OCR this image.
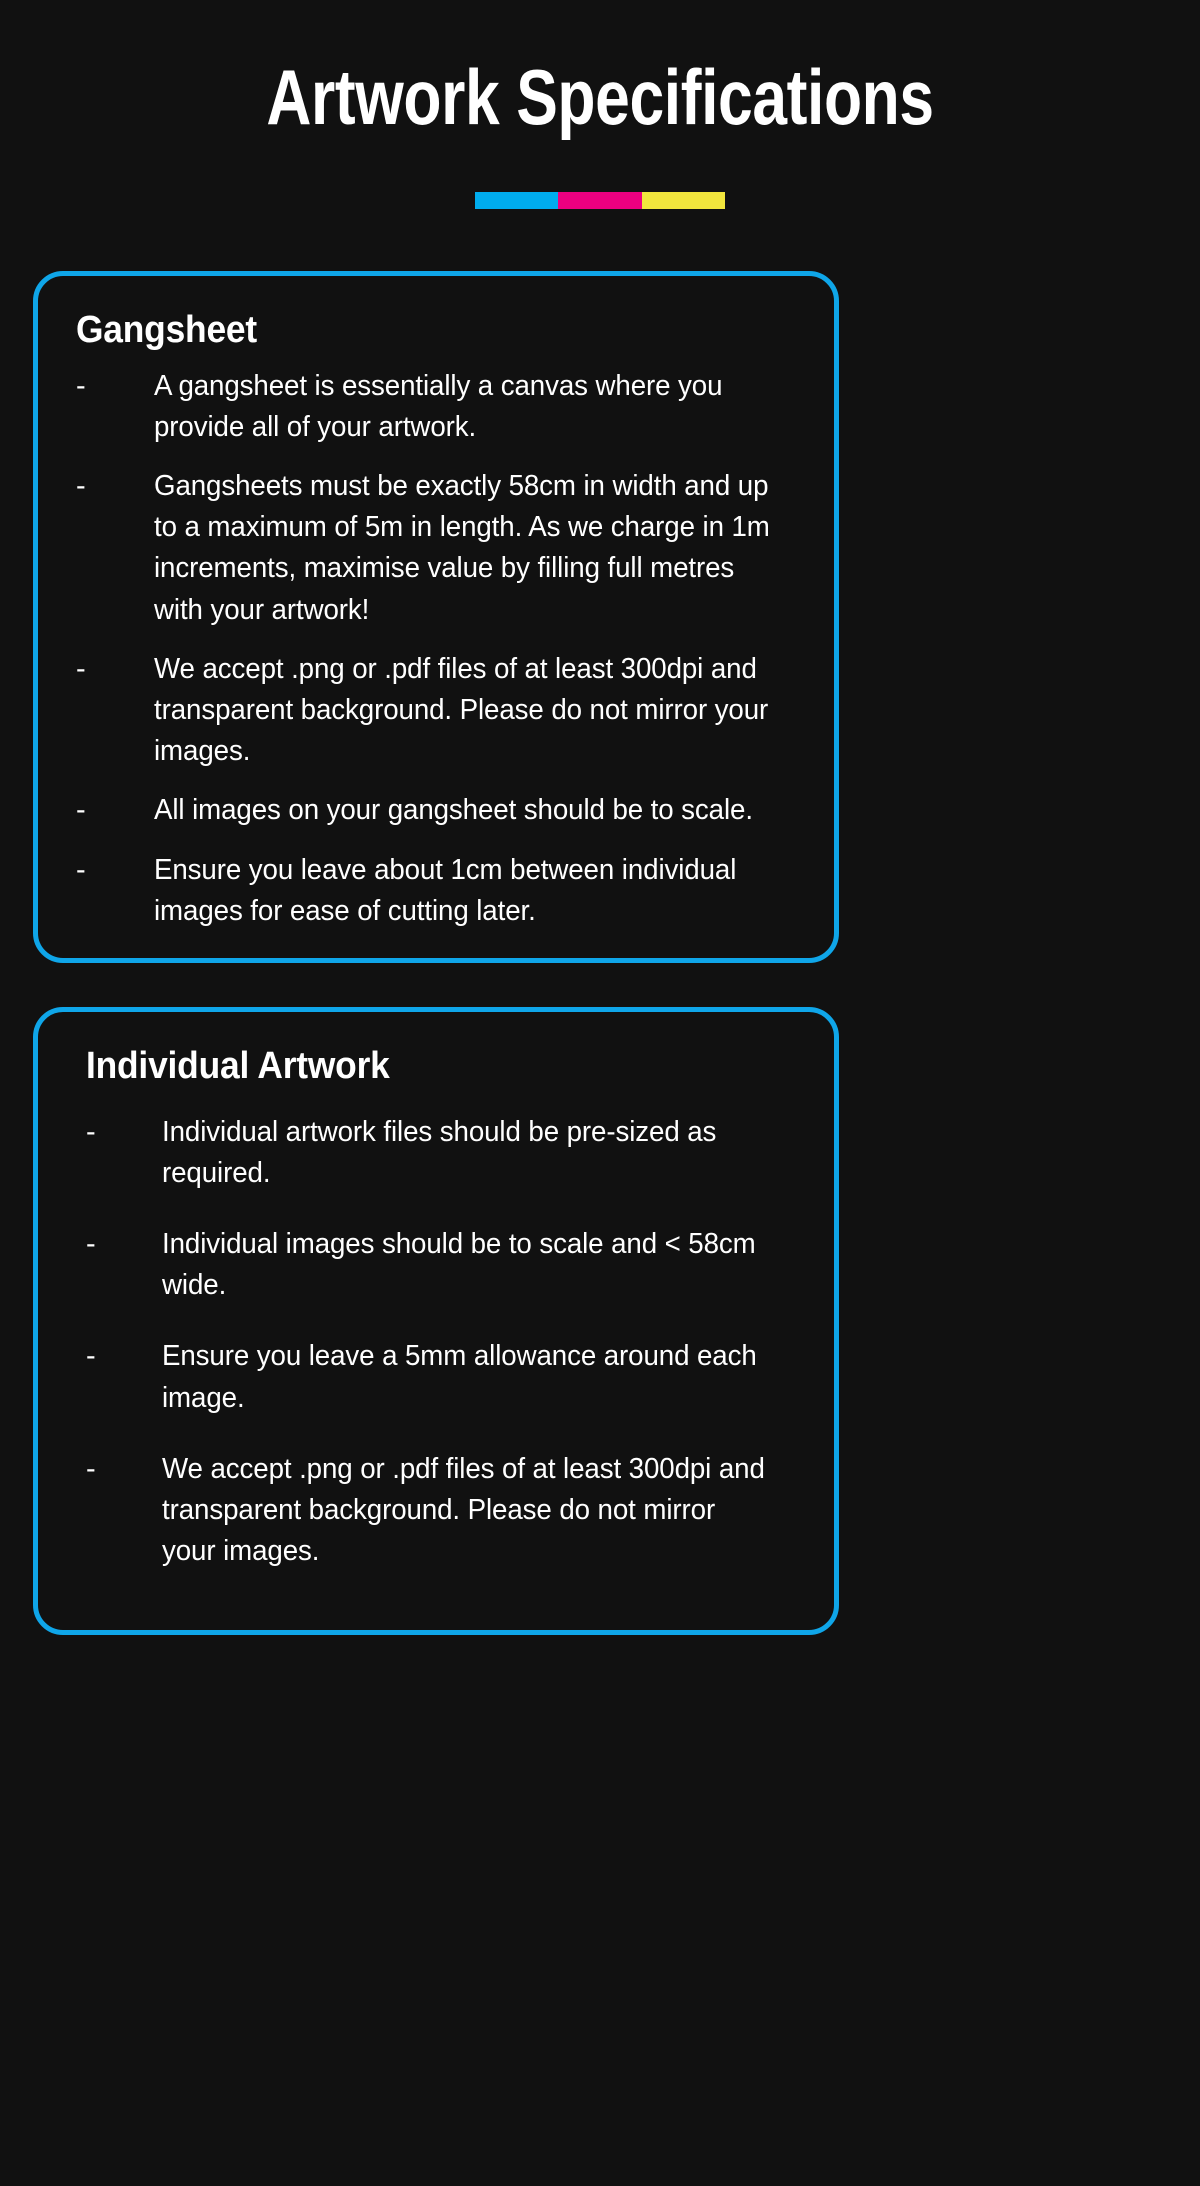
Artwork Specifications
Gangsheet
-	A gangsheet is essentially a canvas where you provide all of your artwork.
-	Gangsheets must be exactly 58cm in width and up to a maximum of 5m in length. As we charge in 1m increments, maximise value by filling full metres with your artwork!
-	We accept .png or .pdf files of at least 300dpi and transparent background. Please do not mirror your images.
-	All images on your gangsheet should be to scale.
-	Ensure you leave about 1cm between individual images for ease of cutting later.
Individual Artwork
-	Individual artwork files should be pre-sized as required.
-	Individual images should be to scale and < 58cm wide.
-	Ensure you leave a 5mm allowance around each image.
-	We accept .png or .pdf files of at least 300dpi and transparent background. Please do not mirror your images.
